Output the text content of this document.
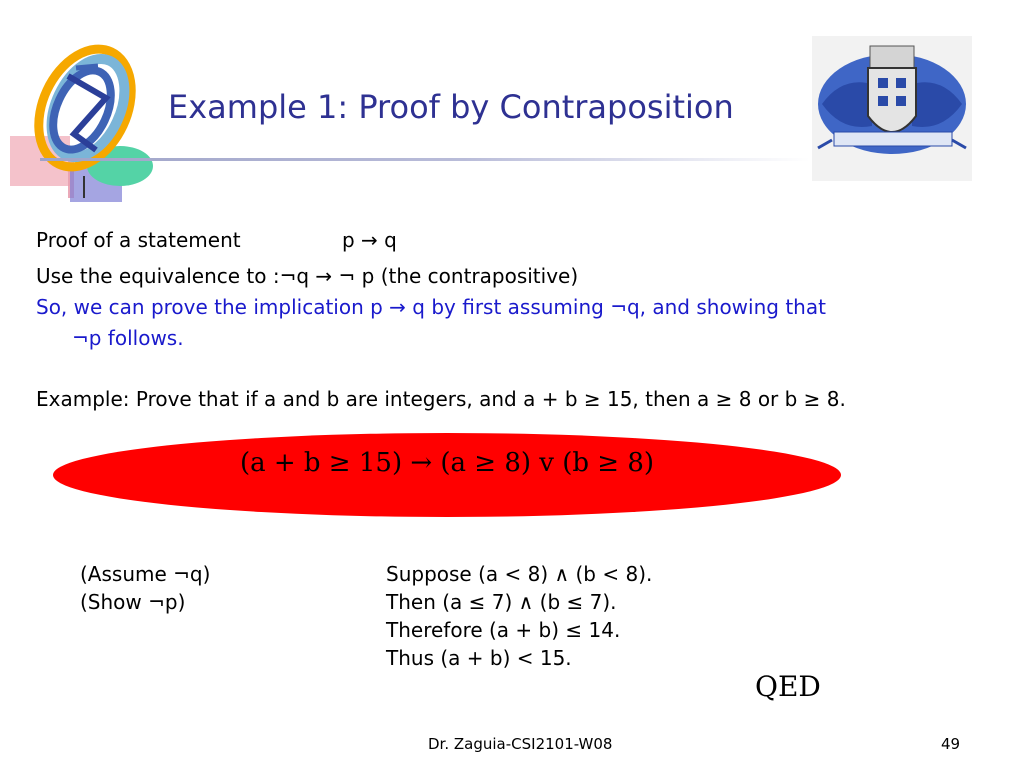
Example 1: Proof by Contraposition
Proof of a statement	p → q
Use the equivalence to :¬q → ¬ p (the contrapositive)
So, we can prove the implication p → q by first assuming ¬q, and showing that
¬p follows.
Example: Prove that if a and b are integers, and a + b ≥ 15, then a ≥ 8 or b ≥ 8.
(a + b ≥ 15) → (a ≥ 8) v (b ≥ 8)
(Assume ¬q)
(Show ¬p)
Suppose (a < 8) ∧ (b < 8).
Then (a ≤ 7) ∧ (b ≤ 7).
Therefore (a + b) ≤ 14.
Thus (a + b) < 15.
QED
Dr. Zaguia-CSI2101-W08	49
